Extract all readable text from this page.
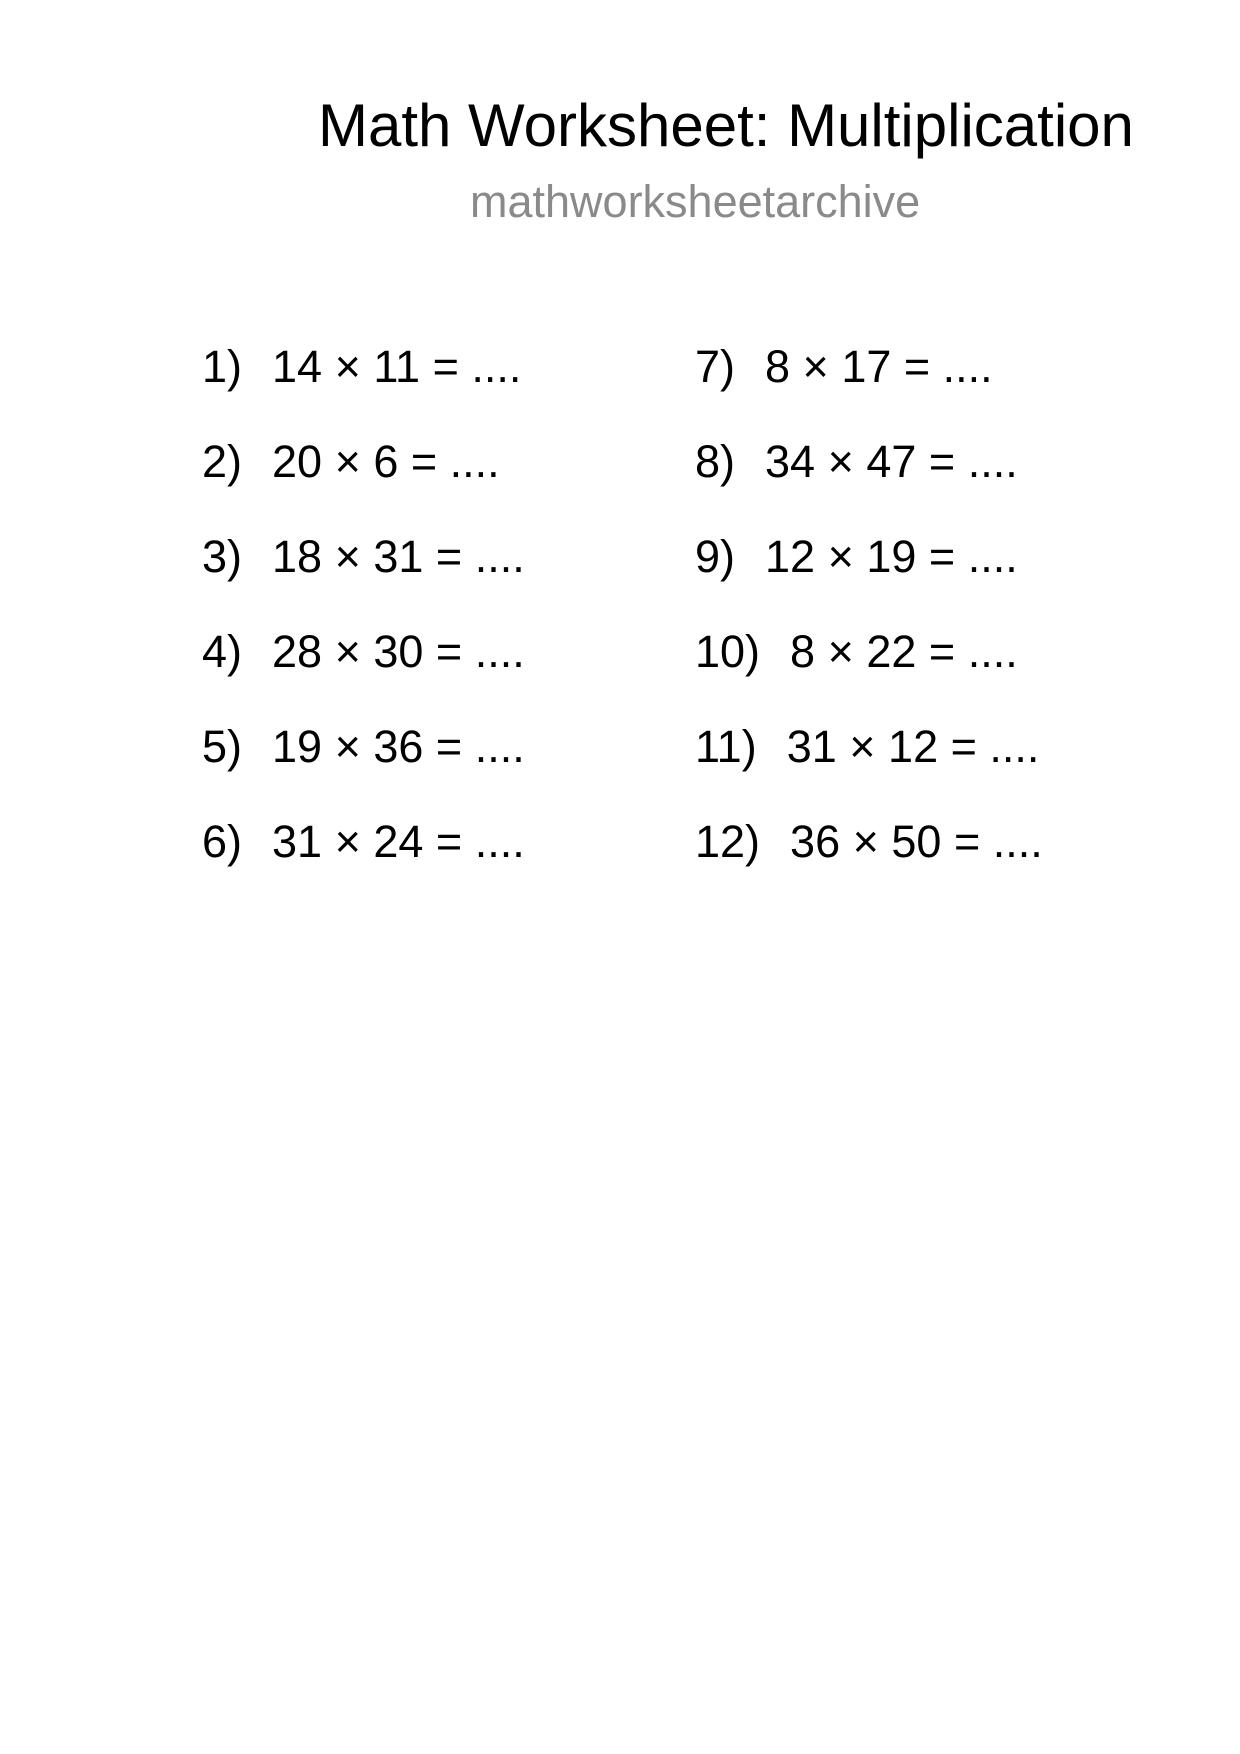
Math Worksheet: Multiplication
mathworksheetarchive
1) 14 × 11 = ....
2) 20 × 6 = ....
3) 18 × 31 = ....
4) 28 × 30 = ....
5) 19 × 36 = ....
6) 31 × 24 = ....
7) 8 × 17 = ....
8) 34 × 47 = ....
9) 12 × 19 = ....
10) 8 × 22 = ....
11) 31 × 12 = ....
12) 36 × 50 = ....
